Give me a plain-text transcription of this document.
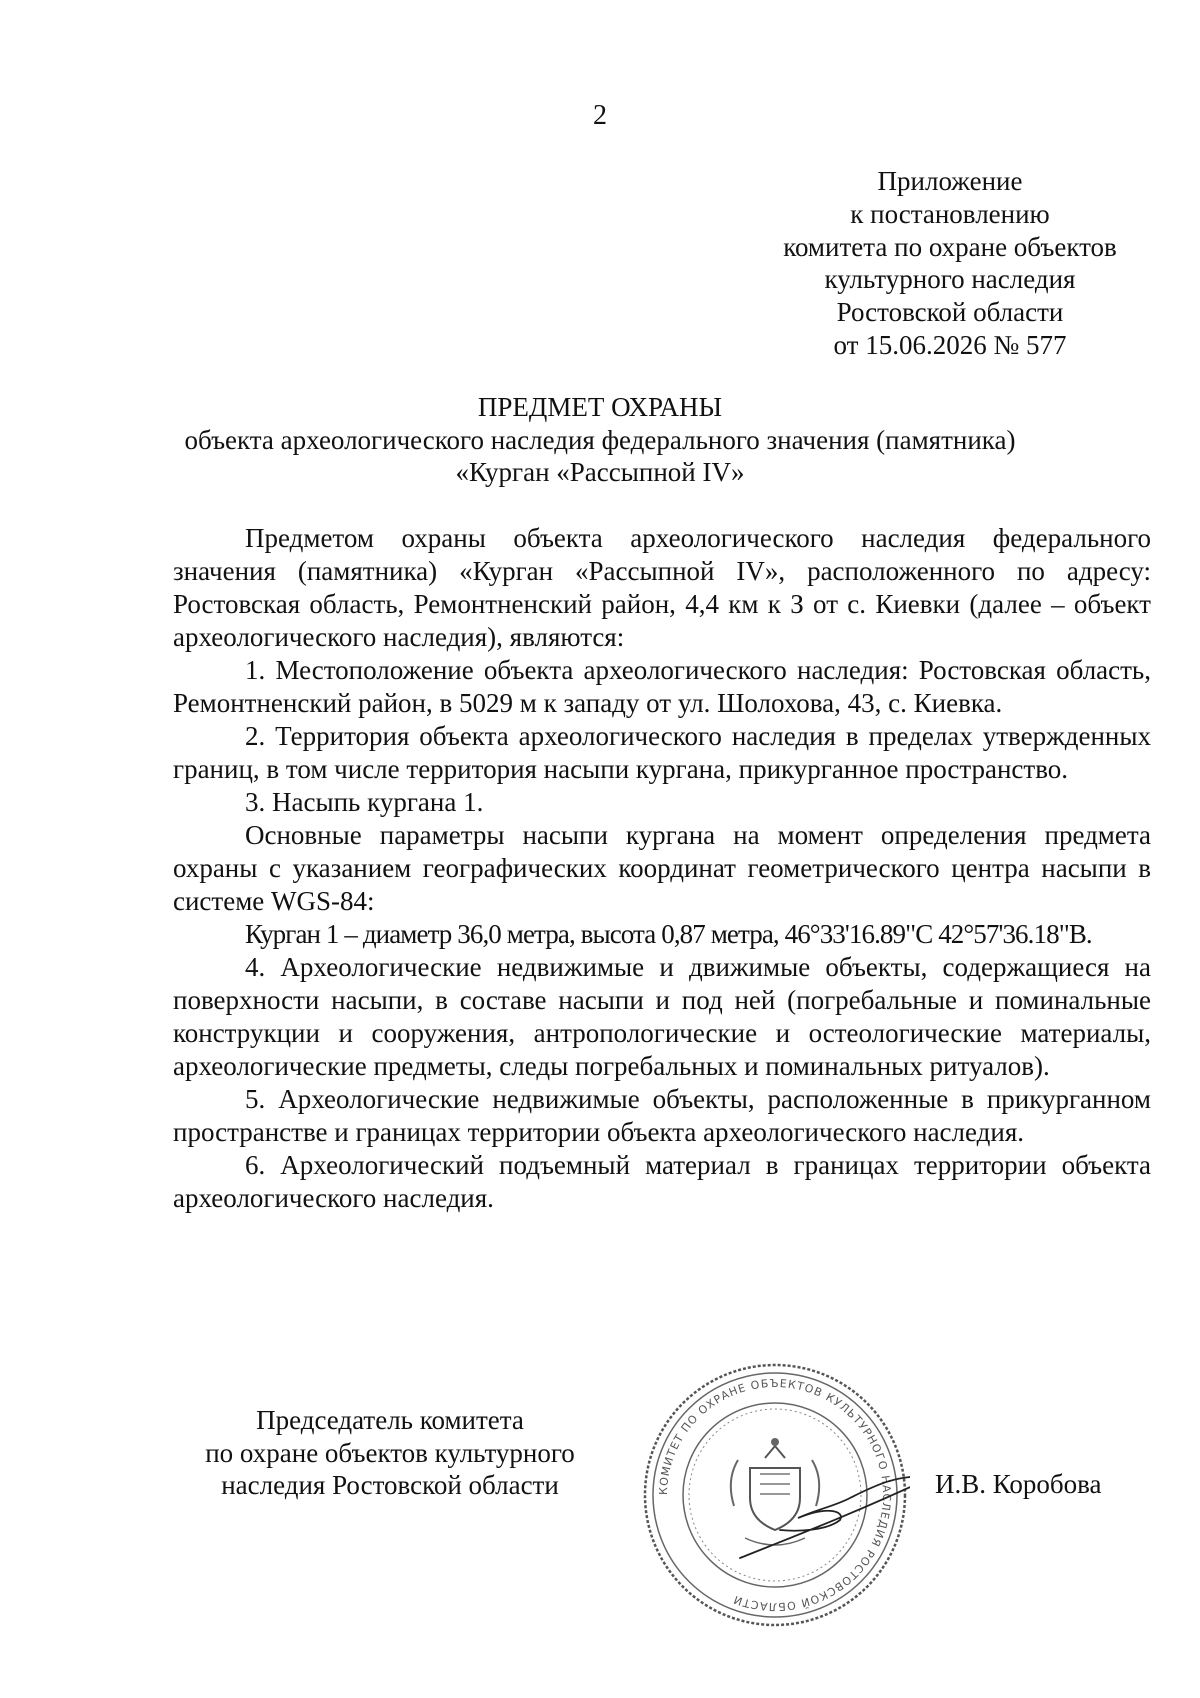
2
Приложение
к постановлению
комитета по охране объектов
культурного наследия
Ростовской области
от 15.06.2026 № 577
ПРЕДМЕТ ОХРАНЫ
объекта археологического наследия федерального значения (памятника)
«Курган «Рассыпной IV»

Предметом охраны объекта археологического наследия федерального значения (памятника) «Курган «Рассыпной IV», расположенного по адресу: Ростовская область, Ремонтненский район, 4,4 км к З от с. Киевки (далее – объект археологического наследия), являются:

1. Местоположение объекта археологического наследия: Ростовская область, Ремонтненский район, в 5029 м к западу от ул. Шолохова, 43, с. Киевка.

2. Территория объекта археологического наследия в пределах утвержденных границ, в том числе территория насыпи кургана, прикурганное пространство.

3. Насыпь кургана 1.

Основные параметры насыпи кургана на момент определения предмета охраны с указанием географических координат геометрического центра насыпи в системе WGS-84:

Курган 1 – диаметр 36,0 метра, высота 0,87 метра, 46°33'16.89"С 42°57'36.18"В.

4. Археологические недвижимые и движимые объекты, содержащиеся на поверхности насыпи, в составе насыпи и под ней (погребальные и поминальные конструкции и сооружения, антропологические и остеологические материалы, археологические предметы, следы погребальных и поминальных ритуалов).

5. Археологические недвижимые объекты, расположенные в прикурганном пространстве и границах территории объекта археологического наследия.

6. Археологический подъемный материал в границах территории объекта археологического наследия.

Председатель комитета
по охране объектов культурного
наследия Ростовской области	КОМИТЕТ ПО ОХРАНЕ ОБЪЕКТОВ КУЛЬТУРНОГО НАСЛЕДИЯ РОСТОВСКОЙ ОБЛАСТИ
И.В. Коробова
